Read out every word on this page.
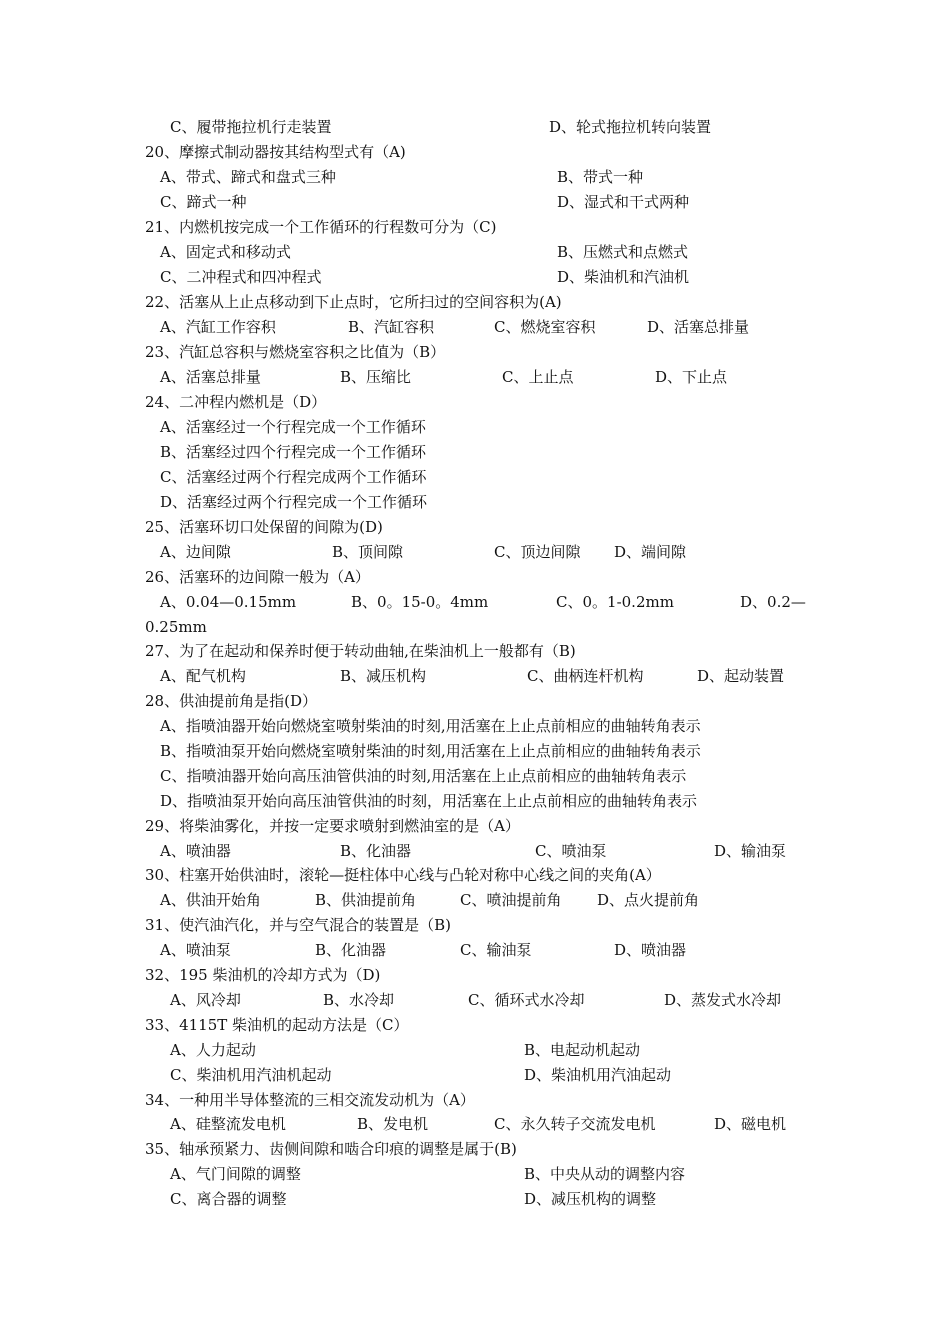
C、履带拖拉机行走装置	D、轮式拖拉机转向装置
20、摩擦式制动器按其结构型式有（A)
A、带式、蹄式和盘式三种	B、带式一种
C、蹄式一种	D、湿式和干式两种
21、内燃机按完成一个工作循环的行程数可分为（C)
A、固定式和移动式	B、压燃式和点燃式
C、二冲程式和四冲程式	D、柴油机和汽油机
22、活塞从上止点移动到下止点时，它所扫过的空间容积为(A)
A、汽缸工作容积	B、汽缸容积	C、燃烧室容积	D、活塞总排量
23、汽缸总容积与燃烧室容积之比值为（B）
A、活塞总排量	B、压缩比	C、上止点	D、下止点
24、二冲程内燃机是（D）
A、活塞经过一个行程完成一个工作循环
B、活塞经过四个行程完成一个工作循环
C、活塞经过两个行程完成两个工作循环
D、活塞经过两个行程完成一个工作循环
25、活塞环切口处保留的间隙为(D)
A、边间隙	B、顶间隙	C、顶边间隙 D、端间隙
26、活塞环的边间隙一般为（A）
A、0.04—0.15mm	B、0。15-0。4mm	C、0。1-0.2mm	D、0.2—
0.25mm
27、为了在起动和保养时便于转动曲轴,在柴油机上一般都有（B)
A、配气机构	B、减压机构	C、曲柄连杆机构	D、起动装置
28、供油提前角是指(D）
A、指喷油器开始向燃烧室喷射柴油的时刻,用活塞在上止点前相应的曲轴转角表示
B、指喷油泵开始向燃烧室喷射柴油的时刻,用活塞在上止点前相应的曲轴转角表示
C、指喷油器开始向高压油管供油的时刻,用活塞在上止点前相应的曲轴转角表示
D、指喷油泵开始向高压油管供油的时刻，用活塞在上止点前相应的曲轴转角表示
29、将柴油雾化，并按一定要求喷射到燃油室的是（A）
A、喷油器	B、化油器	C、喷油泵	D、输油泵
30、柱塞开始供油时，滚轮—挺柱体中心线与凸轮对称中心线之间的夹角(A）
A、供油开始角	B、供油提前角	C、喷油提前角 D、点火提前角
31、使汽油汽化，并与空气混合的装置是（B)
A、喷油泵	B、化油器	C、输油泵	D、喷油器
32、195 柴油机的冷却方式为（D)
A、风冷却	B、水冷却	C、循环式水冷却	D、蒸发式水冷却
33、4115T 柴油机的起动方法是（C）
A、人力起动	B、电起动机起动
C、柴油机用汽油机起动	D、柴油机用汽油起动
34、一种用半导体整流的三相交流发动机为（A）
A、硅整流发电机	B、发电机	C、永久转子交流发电机	D、磁电机
35、轴承预紧力、齿侧间隙和啮合印痕的调整是属于(B)
A、气门间隙的调整	B、中央从动的调整内容
C、离合器的调整	D、减压机构的调整
